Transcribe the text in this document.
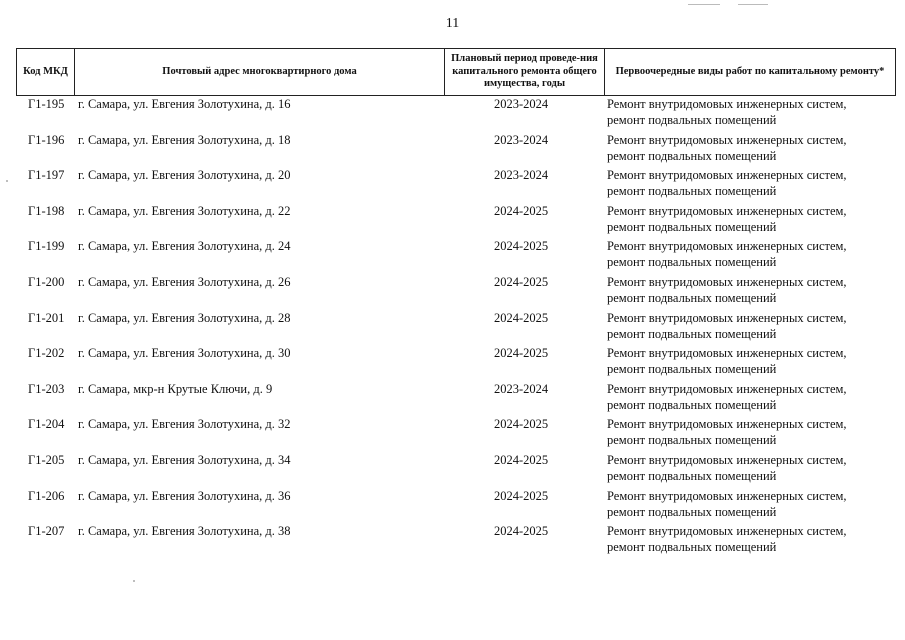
11
Код МКД	Почтовый адрес многоквартирного дома	Плановый период проведе-ния капитального ремонта общего имущества, годы	Первоочередные виды работ по капитальному ремонту*
Г1-195 г. Самара, ул. Евгения Золотухина, д. 16	2023-2024	Ремонт внутридомовых инженерных систем,
ремонт подвальных помещений
Г1-196 г. Самара, ул. Евгения Золотухина, д. 18	2023-2024	Ремонт внутридомовых инженерных систем,
ремонт подвальных помещений
Г1-197 г. Самара, ул. Евгения Золотухина, д. 20	2023-2024	Ремонт внутридомовых инженерных систем,
ремонт подвальных помещений
Г1-198 г. Самара, ул. Евгения Золотухина, д. 22	2024-2025	Ремонт внутридомовых инженерных систем,
ремонт подвальных помещений
Г1-199 г. Самара, ул. Евгения Золотухина, д. 24	2024-2025	Ремонт внутридомовых инженерных систем,
ремонт подвальных помещений
Г1-200 г. Самара, ул. Евгения Золотухина, д. 26	2024-2025	Ремонт внутридомовых инженерных систем,
ремонт подвальных помещений
Г1-201 г. Самара, ул. Евгения Золотухина, д. 28	2024-2025	Ремонт внутридомовых инженерных систем,
ремонт подвальных помещений
Г1-202 г. Самара, ул. Евгения Золотухина, д. 30	2024-2025	Ремонт внутридомовых инженерных систем,
ремонт подвальных помещений
Г1-203 г. Самара, мкр-н Крутые Ключи, д. 9	2023-2024	Ремонт внутридомовых инженерных систем,
ремонт подвальных помещений
Г1-204 г. Самара, ул. Евгения Золотухина, д. 32	2024-2025	Ремонт внутридомовых инженерных систем,
ремонт подвальных помещений
Г1-205 г. Самара, ул. Евгения Золотухина, д. 34	2024-2025	Ремонт внутридомовых инженерных систем,
ремонт подвальных помещений
Г1-206 г. Самара, ул. Евгения Золотухина, д. 36	2024-2025	Ремонт внутридомовых инженерных систем,
ремонт подвальных помещений
Г1-207 г. Самара, ул. Евгения Золотухина, д. 38	2024-2025	Ремонт внутридомовых инженерных систем,
ремонт подвальных помещений
